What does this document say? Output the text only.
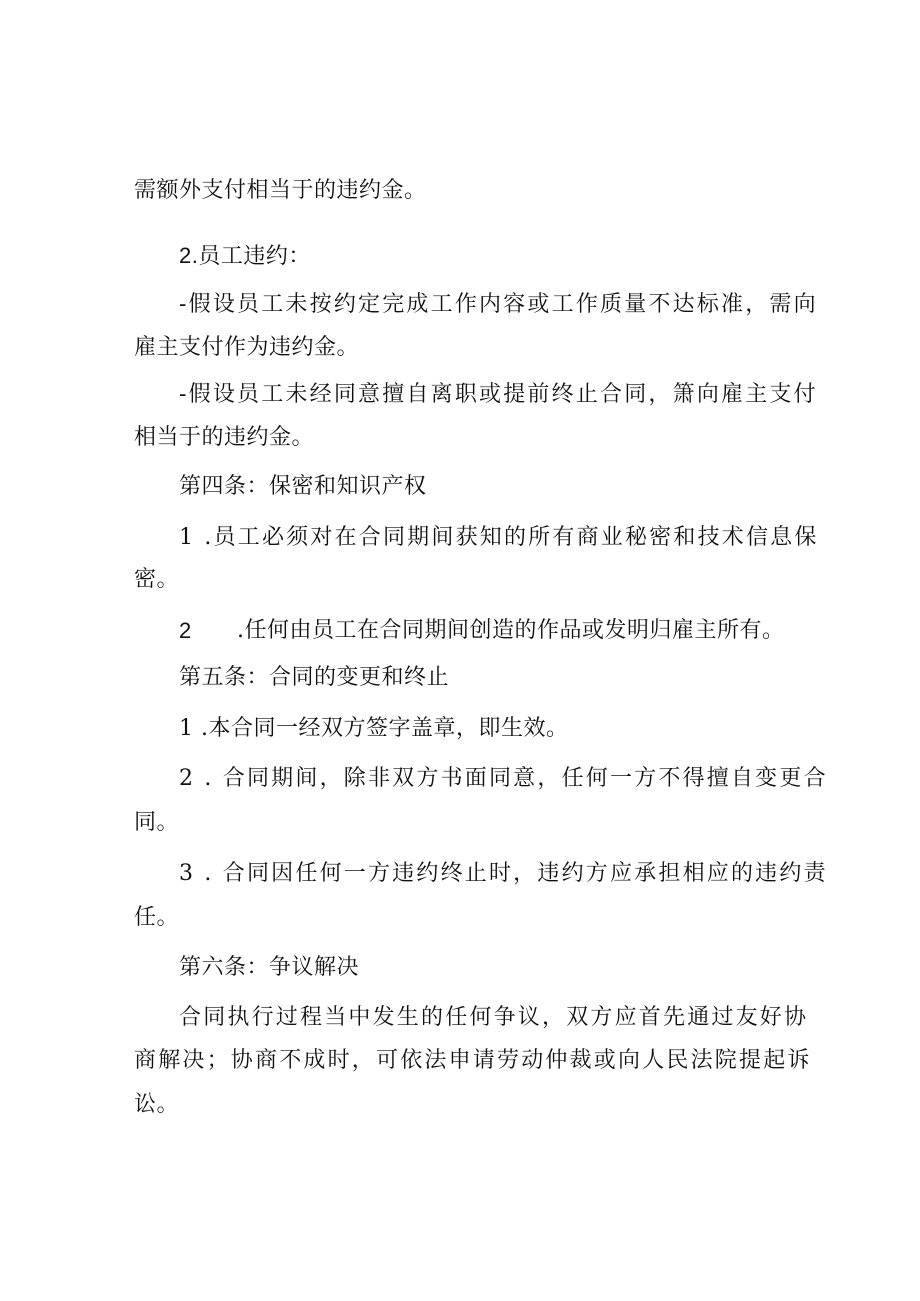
需额外支付相当于的违约金。
2.员工违约：
-假设员工未按约定完成工作内容或工作质量不达标准，需向
雇主支付作为违约金。
-假设员工未经同意擅自离职或提前终止合同，箫向雇主支付
相当于的违约金。
第四条：保密和知识产权
1 .员工必须对在合同期间获知的所有商业秘密和技术信息保
密。
2	.任何由员工在合同期间创造的作品或发明归雇主所有。
第五条：合同的变更和终止
1 .本合同一经双方签字盖章，即生效。
2 . 合同期间，除非双方书面同意，任何一方不得擅自变更合
同。
3 . 合同因任何一方违约终止时，违约方应承担相应的违约责
任。
第六条：争议解决
合同执行过程当中发生的任何争议，双方应首先通过友好协
商解决；协商不成时，可依法申请劳动仲裁或向人民法院提起诉
讼。
